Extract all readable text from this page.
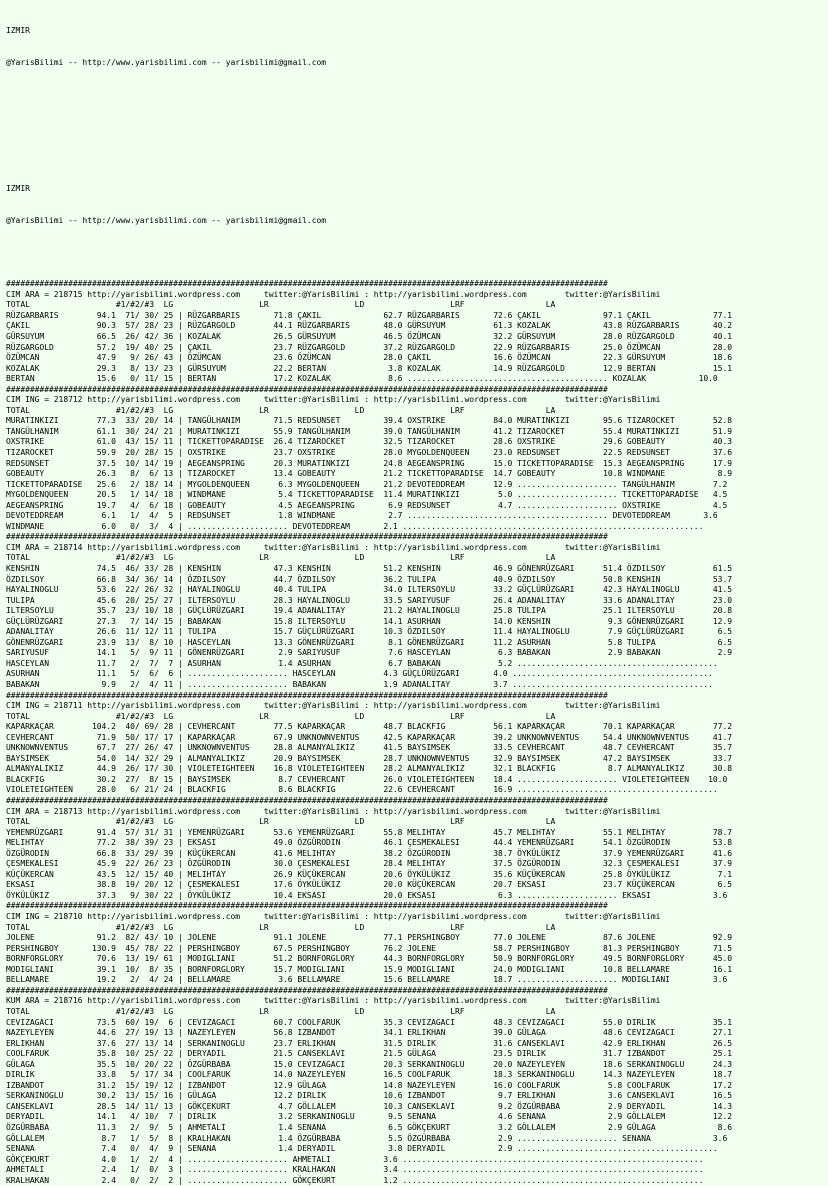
IZMIR

@YarisBilimi -- http://www.yarisbilimi.com -- yarisbilimi@gmail.com

IZMIR

@YarisBilimi -- http://www.yarisbilimi.com -- yarisbilimi@gmail.com

##############################################################################################################################
CIM ARA = 218715 http://yarisbilimi.wordpress.com     twitter:@YarisBilimi : http://yarisbilimi.wordpress.com        twitter:@YarisBilimi
TOTAL                  #1/#2/#3  LG                  LR                  LD                  LRF                 LA
RÜZGARBARIS        94.1  71/ 30/ 25 | RÜZGARBARIS       71.8 ÇAKIL             62.7 RÜZGARBARIS       72.6 ÇAKIL             97.1 ÇAKIL             77.1
ÇAKIL              90.3  57/ 28/ 23 | RÜZGARGOLD        44.1 RÜZGARBARIS       48.0 GÜRSUYUM          61.3 KOZALAK           43.8 RÜZGARBARIS       40.2
GÜRSUYUM           66.5  26/ 42/ 36 | KOZALAK           26.5 GÜRSUYUM          46.5 ÖZÜMCAN           32.2 GÜRSUYUM          28.0 RÜZGARGOLD        40.1
RÜZGARGOLD         57.2  19/ 40/ 25 | ÇAKIL             23.7 RÜZGARGOLD        37.2 RÜZGARGOLD        22.9 RÜZGARBARIS       25.0 ÖZÜMCAN           28.0
ÖZÜMCAN            47.9   9/ 26/ 43 | ÖZÜMCAN           23.6 ÖZÜMCAN           28.0 ÇAKIL             16.6 ÖZÜMCAN           22.3 GÜRSUYUM          18.6
KOZALAK            29.3   8/ 13/ 23 | GÜRSUYUM          22.2 BERTAN             3.8 KOZALAK           14.9 RÜZGARGOLD        12.9 BERTAN            15.1
BERTAN             15.6   0/ 11/ 15 | BERTAN            17.2 KOZALAK            8.6 .......................................... KOZALAK           10.0
##############################################################################################################################
CIM ING = 218712 http://yarisbilimi.wordpress.com     twitter:@YarisBilimi : http://yarisbilimi.wordpress.com        twitter:@YarisBilimi
TOTAL                  #1/#2/#3  LG                  LR                  LD                  LRF                 LA
MURATINKIZI        77.3  33/ 20/ 14 | TANGÜLHANIM       71.5 REDSUNSET         39.4 OXSTRIKE          84.0 MURATINKIZI       95.6 TIZAROCKET        52.8
TANGÜLHANIM        61.1  30/ 24/ 21 | MURATINKIZI       55.9 TANGÜLHANIM       39.0 TANGÜLHANIM       41.2 TIZAROCKET        55.4 MURATINKIZI       51.9
OXSTRIKE           61.0  43/ 15/ 11 | TICKETTOPARADISE  26.4 TIZAROCKET        32.5 TIZAROCKET        28.6 OXSTRIKE          29.6 GOBEAUTY          40.3
TIZAROCKET         59.9  20/ 28/ 15 | OXSTRIKE          23.7 OXSTRIKE          28.0 MYGOLDENQUEEN     23.0 REDSUNSET         22.5 REDSUNSET         37.6
REDSUNSET          37.5  10/ 14/ 19 | AEGEANSPRING      20.3 MURATINKIZI       24.8 AEGEANSPRING      15.0 TICKETTOPARADISE  15.3 AEGEANSPRING      17.9
GOBEAUTY           26.3   8/  6/ 13 | TIZAROCKET        13.4 GOBEAUTY          21.2 TICKETTOPARADISE  14.7 GOBEAUTY          10.8 WINDMANE           8.9
TICKETTOPARADISE   25.6   2/ 18/ 14 | MYGOLDENQUEEN      6.3 MYGOLDENQUEEN     21.2 DEVOTEDDREAM      12.9 ..................... TANGÜLHANIM        7.2
MYGOLDENQUEEN      20.5   1/ 14/ 18 | WINDMANE           5.4 TICKETTOPARADISE  11.4 MURATINKIZI        5.0 ..................... TICKETTOPARADISE   4.5
AEGEANSPRING       19.7   4/  6/ 18 | GOBEAUTY           4.5 AEGEANSPRING       6.9 REDSUNSET          4.7 ..................... OXSTRIKE           4.5
DEVOTEDDREAM        6.1   1/  4/  5 | REDSUNSET          1.8 WINDMANE           2.7 .......................................... DEVOTEDDREAM       3.6
WINDMANE            6.0   0/  3/  4 | ..................... DEVOTEDDREAM       2.1 ...............................................................
##############################################################################################################################
CIM ARA = 218714 http://yarisbilimi.wordpress.com     twitter:@YarisBilimi : http://yarisbilimi.wordpress.com        twitter:@YarisBilimi
TOTAL                  #1/#2/#3  LG                  LR                  LD                  LRF                 LA
KENSHIN            74.5  46/ 33/ 28 | KENSHIN           47.3 KENSHIN           51.2 KENSHIN           46.9 GÖNENRÜZGARI      51.4 ÖZDILSOY          61.5
ÖZDILSOY           66.8  34/ 36/ 14 | ÖZDILSOY          44.7 ÖZDILSOY          36.2 TULIPA            40.9 ÖZDILSOY          50.8 KENSHIN           53.7
HAYALINOGLU        53.6  22/ 26/ 32 | HAYALINOGLU       40.4 TULIPA            34.0 ILTERSOYLU        33.2 GÜÇLÜRÜZGARI      42.3 HAYALINOGLU       41.5
TULIPA             45.6  20/ 25/ 27 | ILTERSOYLU        28.3 HAYALINOGLU       33.5 SARIYUSUF         26.4 ADANALITAY        33.6 ADANALITAY        23.0
ILTERSOYLU         35.7  23/ 10/ 18 | GÜÇLÜRÜZGARI      19.4 ADANALITAY        21.2 HAYALINOGLU       25.8 TULIPA            25.1 ILTERSOYLU        20.8
GÜÇLÜRÜZGARI       27.3   7/ 14/ 15 | BABAKAN           15.8 ILTERSOYLU        14.1 ASURHAN           14.0 KENSHIN            9.3 GÖNENRÜZGARI      12.9
ADANALITAY         26.6  11/ 12/ 11 | TULIPA            15.7 GÜÇLÜRÜZGARI      10.3 ÖZDILSOY          11.4 HAYALINOGLU        7.9 GÜÇLÜRÜZGARI       6.5
GÖNENRÜZGARI       23.9  13/  8/ 10 | HASCEYLAN         13.3 GÖNENRÜZGARI       8.1 GÖNENRÜZGARI      11.2 ASURHAN            5.8 TULIPA             6.5
SARIYUSUF          14.1   5/  9/ 11 | GÖNENRÜZGARI       2.9 SARIYUSUF          7.6 HASCEYLAN          6.3 BABAKAN            2.9 BABAKAN            2.9
HASCEYLAN          11.7   2/  7/  7 | ASURHAN            1.4 ASURHAN            6.7 BABAKAN            5.2 ..........................................
ASURHAN            11.1   5/  6/  6 | ..................... HASCEYLAN          4.3 GÜÇLÜRÜZGARI       4.0 ..........................................
BABAKAN             9.9   2/  4/ 11 | ..................... BABAKAN            1.9 ADANALITAY         3.7 ..........................................
##############################################################################################################################
CIM ING = 218711 http://yarisbilimi.wordpress.com     twitter:@YarisBilimi : http://yarisbilimi.wordpress.com        twitter:@YarisBilimi
TOTAL                  #1/#2/#3  LG                  LR                  LD                  LRF                 LA
KAPARKAÇAR        104.2  40/ 69/ 28 | CEVHERCANT        77.5 KAPARKAÇAR        48.7 BLACKFIG          56.1 KAPARKAÇAR        70.1 KAPARKAÇAR        77.2
CEVHERCANT         71.9  50/ 17/ 17 | KAPARKAÇAR        67.9 UNKNOWNVENTUS     42.5 KAPARKAÇAR        39.2 UNKNOWNVENTUS     54.4 UNKNOWNVENTUS     41.7
UNKNOWNVENTUS      67.7  27/ 26/ 47 | UNKNOWNVENTUS     28.8 ALMANYALIKIZ      41.5 BAYSIMSEK         33.5 CEVHERCANT        48.7 CEVHERCANT        35.7
BAYSIMSEK          54.0  14/ 32/ 29 | ALMANYALIKIZ      20.9 BAYSIMSEK         28.7 UNKNOWNVENTUS     32.9 BAYSIMSEK         47.2 BAYSIMSEK         33.7
ALMANYALIKIZ       44.9  26/ 17/ 30 | VIOLETEIGHTEEN    16.8 VIOLETEIGHTEEN    28.2 ALMANYALIKIZ      32.1 BLACKFIG           8.7 ALMANYALIKIZ      30.8
BLACKFIG           30.2  27/  8/ 15 | BAYSIMSEK          8.7 CEVHERCANT        26.0 VIOLETEIGHTEEN    18.4 ..................... VIOLETEIGHTEEN    10.0
VIOLETEIGHTEEN     28.0   6/ 21/ 24 | BLACKFIG           8.6 BLACKFIG          22.6 CEVHERCANT        16.9 ..........................................
##############################################################################################################################
CIM ARA = 218713 http://yarisbilimi.wordpress.com     twitter:@YarisBilimi : http://yarisbilimi.wordpress.com        twitter:@YarisBilimi
TOTAL                  #1/#2/#3  LG                  LR                  LD                  LRF                 LA
YEMENRÜZGARI       91.4  57/ 31/ 31 | YEMENRÜZGARI      53.6 YEMENRÜZGARI      55.8 MELIHTAY          45.7 MELIHTAY          55.1 MELIHTAY          78.7
MELIHTAY           77.2  38/ 39/ 23 | EKSASI            49.0 ÖZGÜRODIN         46.1 ÇESMEKALESI       44.4 YEMENRÜZGARI      54.1 ÖZGÜRODIN         53.8
ÖZGÜRODIN          66.8  33/ 29/ 39 | KÜÇÜKERCAN        41.6 MELIHTAY          38.2 ÖZGÜRODIN         38.7 ÖYKÜLÜKIZ         37.9 YEMENRÜZGARI      41.6
ÇESMEKALESI        45.9  22/ 26/ 23 | ÖZGÜRODIN         30.0 ÇESMEKALESI       28.4 MELIHTAY          37.5 ÖZGÜRODIN         32.3 ÇESMEKALESI       37.9
KÜÇÜKERCAN         43.5  12/ 15/ 40 | MELIHTAY          26.9 KÜÇÜKERCAN        20.6 ÖYKÜLÜKIZ         35.6 KÜÇÜKERCAN        25.8 ÖYKÜLÜKIZ          7.1
EKSASI             38.8  19/ 20/ 12 | ÇESMEKALESI       17.6 ÖYKÜLÜKIZ         20.0 KÜÇÜKERCAN        20.7 EKSASI            23.7 KÜÇÜKERCAN         6.5
ÖYKÜLÜKIZ          37.3   9/ 30/ 22 | ÖYKÜLÜKIZ         10.4 EKSASI            20.0 EKSASI             6.3 ..................... EKSASI             3.6
##############################################################################################################################
CIM ING = 218710 http://yarisbilimi.wordpress.com     twitter:@YarisBilimi : http://yarisbilimi.wordpress.com        twitter:@YarisBilimi
TOTAL                  #1/#2/#3  LG                  LR                  LD                  LRF                 LA
JOLENE             91.2  82/ 43/ 10 | JOLENE            91.1 JOLENE            77.1 PERSHINGBOY       77.0 JOLENE            87.6 JOLENE            92.9
PERSHINGBOY       130.9  45/ 78/ 22 | PERSHINGBOY       67.5 PERSHINGBOY       76.2 JOLENE            58.7 PERSHINGBOY       81.3 PERSHINGBOY       71.5
BORNFORGLORY       70.6  13/ 19/ 61 | MODIGLIANI        51.2 BORNFORGLORY      44.3 BORNFORGLORY      50.9 BORNFORGLORY      49.5 BORNFORGLORY      45.0
MODIGLIANI         39.1  10/  8/ 35 | BORNFORGLORY      15.7 MODIGLIANI        15.9 MODIGLIANI        24.0 MODIGLIANI        10.8 BELLAMARE         16.1
BELLAMARE          19.2   2/  4/ 24 | BELLAMARE          3.6 BELLAMARE         15.6 BELLAMARE         18.7 ..................... MODIGLIANI         3.6
##############################################################################################################################
KUM ARA = 218716 http://yarisbilimi.wordpress.com     twitter:@YarisBilimi : http://yarisbilimi.wordpress.com        twitter:@YarisBilimi
TOTAL                  #1/#2/#3  LG                  LR                  LD                  LRF                 LA
CEVIZAGACI         73.5  60/ 19/  6 | CEVIZAGACI        60.7 COOLFARUK         35.3 CEVIZAGACI        48.3 CEVIZAGACI        55.0 DIRLIK            35.1
NAZEYLEYEN         44.6  27/ 19/ 13 | NAZEYLEYEN        56.8 IZBANDOT          34.1 ERLIKHAN          39.0 GÜLAGA            48.6 CEVIZAGACI        27.1
ERLIKHAN           37.6  27/ 13/ 14 | SERKANINOGLU      23.7 ERLIKHAN          31.5 DIRLIK            31.6 CANSEKLAVI        42.9 ERLIKHAN          26.5
COOLFARUK          35.8  10/ 25/ 22 | DERYADIL          21.5 CANSEKLAVI        21.5 GÜLAGA            23.5 DIRLIK            31.7 IZBANDOT          25.1
GÜLAGA             35.5  10/ 20/ 22 | ÖZGÜRBABA         15.0 CEVIZAGACI        20.3 SERKANINOGLU      20.0 NAZEYLEYEN        18.6 SERKANINOGLU      24.3
DIRLIK             33.8   5/ 17/ 34 | COOLFARUK         14.0 NAZEYLEYEN        16.5 COOLFARUK         18.3 SERKANINOGLU      14.3 NAZEYLEYEN        18.7
IZBANDOT           31.2  15/ 19/ 12 | IZBANDOT          12.9 GÜLAGA            14.8 NAZEYLEYEN        16.0 COOLFARUK          5.8 COOLFARUK         17.2
SERKANINOGLU       30.2  13/ 15/ 16 | GÜLAGA            12.2 DIRLIK            10.6 IZBANDOT           9.7 ERLIKHAN           3.6 CANSEKLAVI        16.5
CANSEKLAVI         28.5  14/ 11/ 13 | GÖKÇEKURT          4.7 GÖLLALEM          10.3 CANSEKLAVI         9.2 ÖZGÜRBABA          2.9 DERYADIL          14.3
DERYADIL           14.1   4/ 10/  7 | DIRLIK             3.2 SERKANINOGLU       9.5 SENANA             4.6 SENANA             2.9 GÖLLALEM          12.2
ÖZGÜRBABA          11.3   2/  9/  5 | AHMETALI           1.4 SENANA             6.5 GÖKÇEKURT          3.2 GÖLLALEM           2.9 GÜLAGA             8.6
GÖLLALEM            8.7   1/  5/  8 | KRALHAKAN          1.4 ÖZGÜRBABA          5.5 ÖZGÜRBABA          2.9 ..................... SENANA             3.6
SENANA              7.4   0/  4/  9 | SENANA             1.4 DERYADIL           3.8 DERYADIL           2.9 ..........................................
GÖKÇEKURT           4.0   1/  2/  4 | ..................... AHMETALI           3.6 ...............................................................
AHMETALI            2.4   1/  0/  3 | ..................... KRALHAKAN          3.4 ...............................................................
KRALHAKAN           2.4   0/  2/  2 | ..................... GÖKÇEKURT          1.2 ...............................................................
